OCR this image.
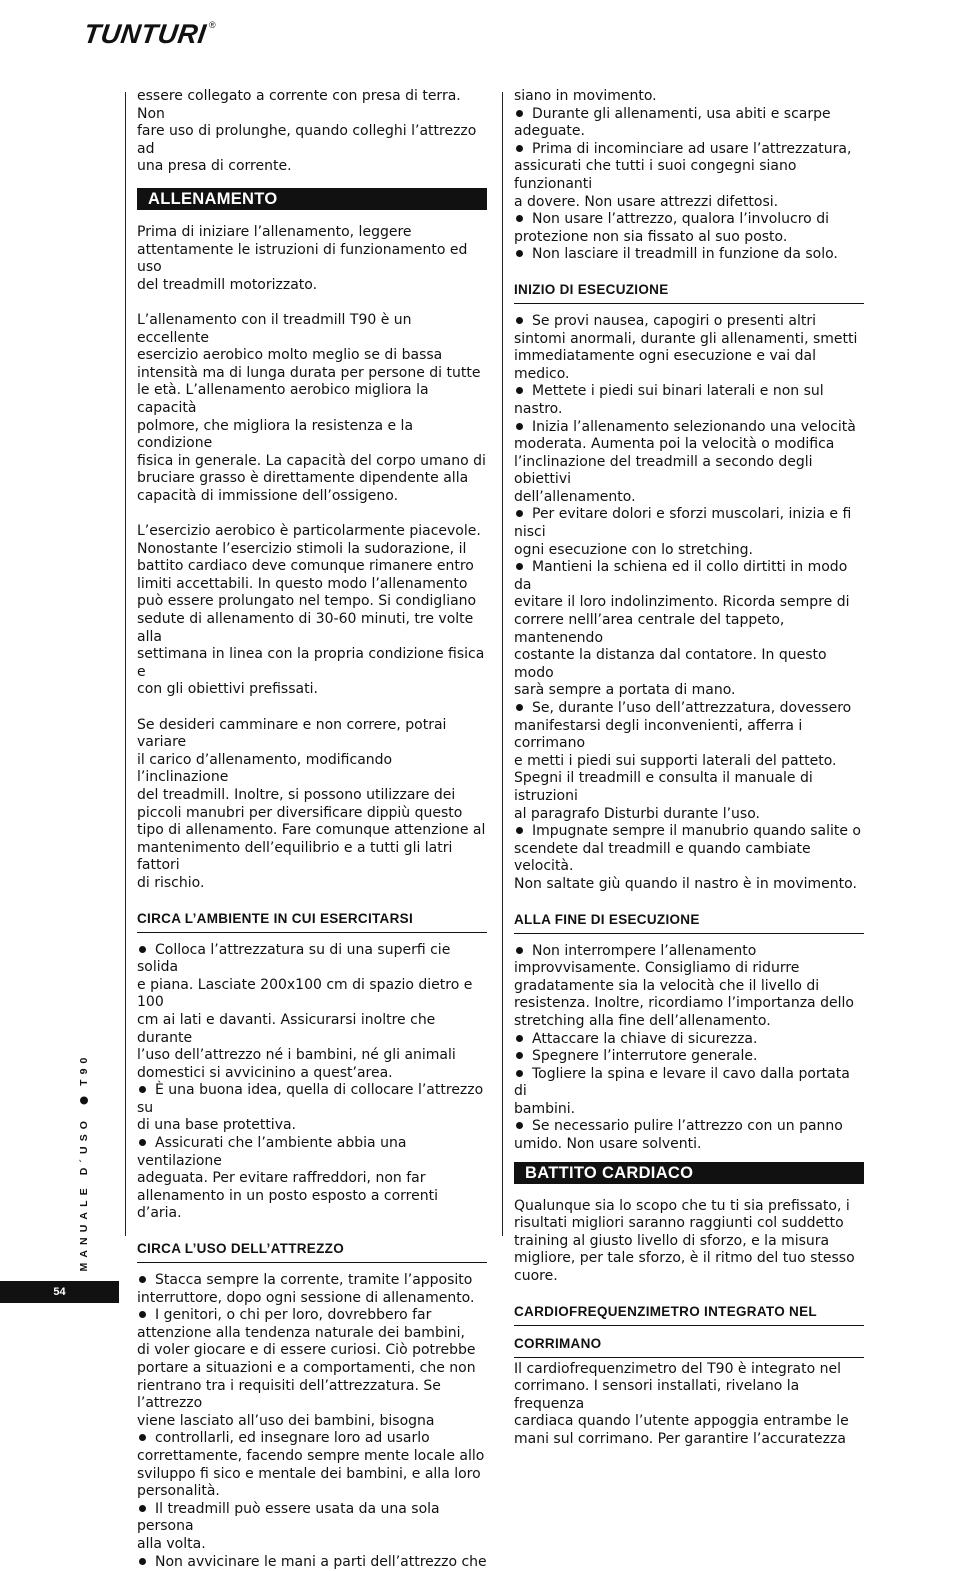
TUNTURI ®

essere collegato a corrente con presa di terra. Non

fare uso di prolunghe, quando colleghi l’attrezzo ad

una presa di corrente.

ALLENAMENTO

Prima di iniziare l’allenamento, leggere

attentamente le istruzioni di funzionamento ed uso

del treadmill motorizzato.

L’allenamento con il treadmill T90 è un eccellente

esercizio aerobico molto meglio se di bassa

intensità ma di lunga durata per persone di tutte

le età. L’allenamento aerobico migliora la capacità

polmore, che migliora la resistenza e la condizione

fisica in generale. La capacità del corpo umano di

bruciare grasso è direttamente dipendente alla

capacità di immissione dell’ossigeno.

L’esercizio aerobico è particolarmente piacevole.

Nonostante l’esercizio stimoli la sudorazione, il

battito cardiaco deve comunque rimanere entro

limiti accettabili. In questo modo l’allenamento

può essere prolungato nel tempo. Si condigliano

sedute di allenamento di 30-60 minuti, tre volte alla

settimana in linea con la propria condizione fisica e

con gli obiettivi prefissati.

Se desideri camminare e non correre, potrai variare

il carico d’allenamento, modificando l’inclinazione

del treadmill. Inoltre, si possono utilizzare dei

piccoli manubri per diversificare dippiù questo

tipo di allenamento. Fare comunque attenzione al

mantenimento dell’equilibrio e a tutti gli latri fattori

di rischio.

CIRCA L’AMBIENTE IN CUI ESERCITARSI

Colloca l’attrezzatura su di una superfi cie solida

e piana. Lasciate 200x100 cm di spazio dietro e 100

cm ai lati e davanti. Assicurarsi inoltre che durante

l’uso dell’attrezzo né i bambini, né gli animali

domestici si avvicinino a quest’area.

È una buona idea, quella di collocare l’attrezzo su

di una base protettiva.

Assicurati che l’ambiente abbia una ventilazione

adeguata. Per evitare raffreddori, non far

allenamento in un posto esposto a correnti d’aria.

CIRCA L’USO DELL’ATTREZZO

Stacca sempre la corrente, tramite l’apposito

interruttore, dopo ogni sessione di allenamento.

I genitori, o chi per loro, dovrebbero far

attenzione alla tendenza naturale dei bambini,

di voler giocare e di essere curiosi. Ciò potrebbe

portare a situazioni e a comportamenti, che non

rientrano tra i requisiti dell’attrezzatura. Se l’attrezzo

viene lasciato all’uso dei bambini, bisogna

controllarli, ed insegnare loro ad usarlo

correttamente, facendo sempre mente locale allo

sviluppo fi sico e mentale dei bambini, e alla loro

personalità.

Il treadmill può essere usata da una sola persona

alla volta.

Non avvicinare le mani a parti dell’attrezzo che

siano in movimento.

Durante gli allenamenti, usa abiti e scarpe

adeguate.

Prima di incominciare ad usare l’attrezzatura,

assicurati che tutti i suoi congegni siano funzionanti

a dovere. Non usare attrezzi difettosi.

Non usare l’attrezzo, qualora l’involucro di

protezione non sia fissato al suo posto.

Non lasciare il treadmill in funzione da solo.

INIZIO DI ESECUZIONE

Se provi nausea, capogiri o presenti altri

sintomi anormali, durante gli allenamenti, smetti

immediatamente ogni esecuzione e vai dal medico.

Mettete i piedi sui binari laterali e non sul nastro.

Inizia l’allenamento selezionando una velocità

moderata. Aumenta poi la velocità o modifica

l’inclinazione del treadmill a secondo degli obiettivi

dell’allenamento.

Per evitare dolori e sforzi muscolari, inizia e fi nisci

ogni esecuzione con lo stretching.

Mantieni la schiena ed il collo dirtitti in modo da

evitare il loro indolinzimento. Ricorda sempre di

correre nelll’area centrale del tappeto, mantenendo

costante la distanza dal contatore. In questo modo

sarà sempre a portata di mano.

Se, durante l’uso dell’attrezzatura, dovessero

manifestarsi degli inconvenienti, afferra i corrimano

e metti i piedi sui supporti laterali del patteto.

Spegni il treadmill e consulta il manuale di istruzioni

al paragrafo Disturbi durante l’uso.

Impugnate sempre il manubrio quando salite o

scendete dal treadmill e quando cambiate velocità.

Non saltate giù quando il nastro è in movimento.

ALLA FINE DI ESECUZIONE

Non interrompere l’allenamento

improvvisamente. Consigliamo di ridurre

gradatamente sia la velocità che il livello di

resistenza. Inoltre, ricordiamo l’importanza dello

stretching alla fine dell’allenamento.

Attaccare la chiave di sicurezza.

Spegnere l’interrutore generale.

Togliere la spina e levare il cavo dalla portata di

bambini.

Se necessario pulire l’attrezzo con un panno

umido. Non usare solventi.

BATTITO CARDIACO

Qualunque sia lo scopo che tu ti sia prefissato, i

risultati migliori saranno raggiunti col suddetto

training al giusto livello di sforzo, e la misura

migliore, per tale sforzo, è il ritmo del tuo stesso

cuore.

CARDIOFREQUENZIMETRO INTEGRATO NEL
CORRIMANO

Il cardiofrequenzimetro del T90 è integrato nel

corrimano. I sensori installati, rivelano la frequenza

cardiaca quando l’utente appoggia entrambe le

mani sul corrimano. Per garantire l’accuratezza

MANUALE D´USOT90
54
